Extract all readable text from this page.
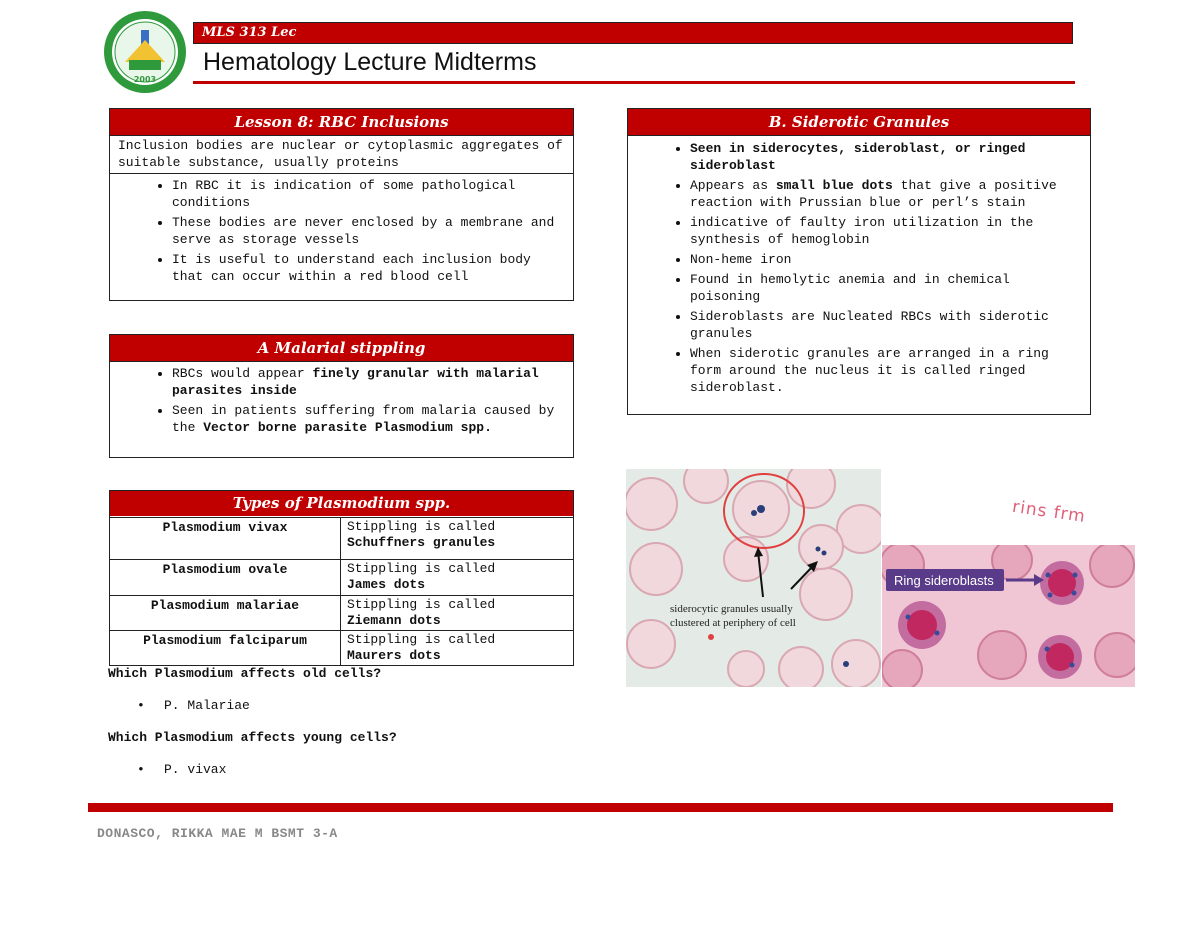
2003
MLS 313 Lec
Hematology Lecture Midterms
Lesson 8: RBC Inclusions
Inclusion bodies are nuclear or cytoplasmic aggregates of suitable substance, usually proteins
• In RBC it is indication of some pathological conditions
• These bodies are never enclosed by a membrane and serve as storage vessels
• It is useful to understand each inclusion body that can occur within a red blood cell
A Malarial stippling
• RBCs would appear finely granular with malarial parasites inside
• Seen in patients suffering from malaria caused by the Vector borne parasite Plasmodium spp.
Types of Plasmodium spp.
Plasmodium vivax	Stippling is called
Schuffners granules
Plasmodium ovale	Stippling is called
James dots
Plasmodium malariae	Stippling is called
Ziemann dots
Plasmodium falciparum	Stippling is called
Maurers dots
Which Plasmodium affects old cells?
• P. Malariae
Which Plasmodium affects young cells?
• P. vivax
B. Siderotic Granules
• Seen in siderocytes, sideroblast, or ringed sideroblast
• Appears as small blue dots that give a positive reaction with Prussian blue or perl’s stain
• indicative of faulty iron utilization in the synthesis of hemoglobin
• Non-heme iron
• Found in hemolytic anemia and in chemical poisoning
• Sideroblasts are Nucleated RBCs with siderotic granules
• When siderotic granules are arranged in a ring form around the nucleus it is called ringed sideroblast.
siderocytic granules usually clustered at periphery of cell
rins frm
Ring sideroblasts
DONASCO, RIKKA MAE M BSMT 3-A
